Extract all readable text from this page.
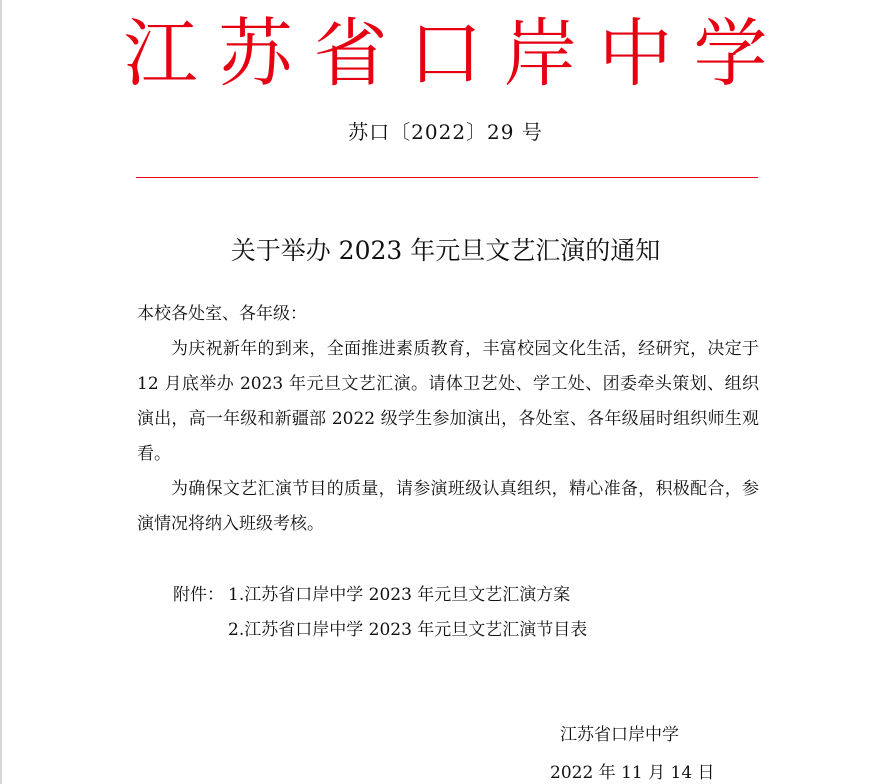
江苏省口岸中学
苏口〔2022〕29 号
关于举办 2023 年元旦文艺汇演的通知

本校各处室、各年级：

为庆祝新年的到来，全面推进素质教育，丰富校园文化生活，经研究，决定于 12 月底举办 2023 年元旦文艺汇演。请体卫艺处、学工处、团委牵头策划、组织演出，高一年级和新疆部 2022 级学生参加演出，各处室、各年级届时组织师生观看。

为确保文艺汇演节目的质量，请参演班级认真组织，精心准备，积极配合，参演情况将纳入班级考核。

附件： 1.江苏省口岸中学 2023 年元旦文艺汇演方案
2.江苏省口岸中学 2023 年元旦文艺汇演节目表
江苏省口岸中学
2022 年 11 月 14 日
